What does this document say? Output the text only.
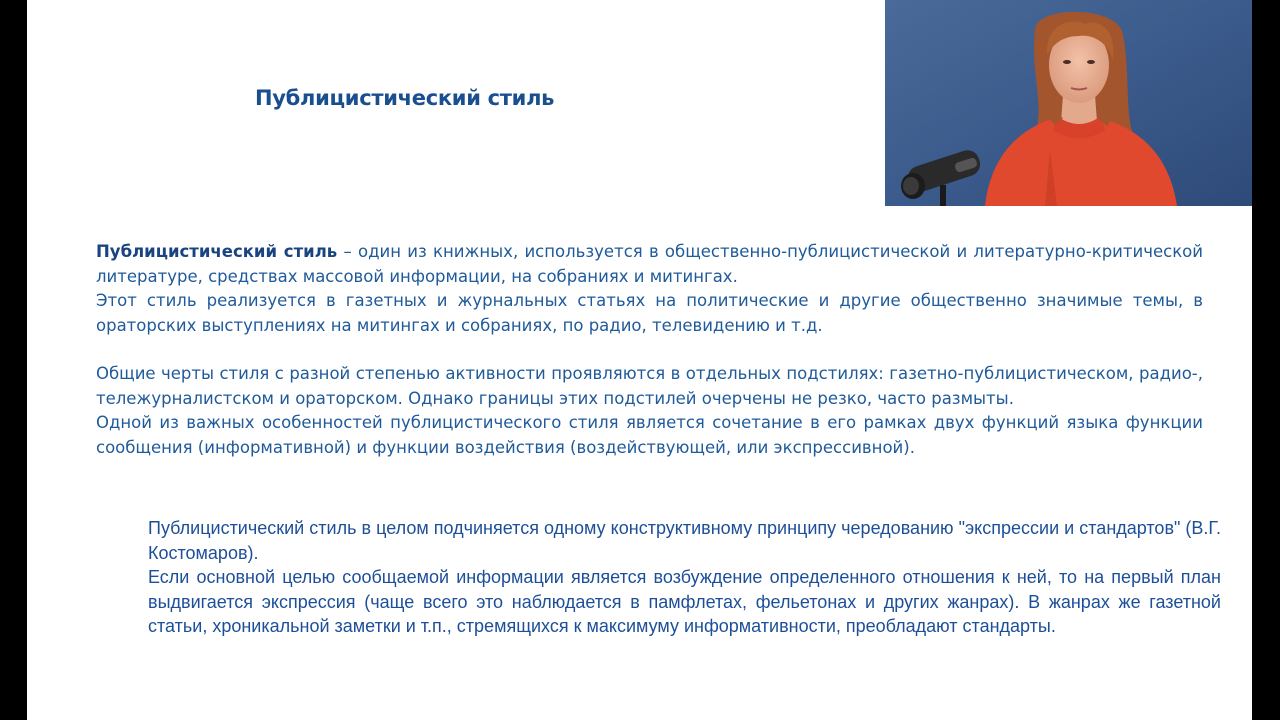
Публицистический стиль

Публицистический стиль – один из книжных, используется в общественно-публицистической и литературно-критической литературе, средствах массовой информации, на собраниях и митингах.

Этот стиль реализуется в газетных и журнальных статьях на политические и другие общественно значимые темы, в ораторских выступлениях на митингах и собраниях, по радио, телевидению и т.д.

Общие черты стиля с разной степенью активности проявляются в отдельных подстилях: газетно-публицистическом, радио-, тележурналистском и ораторском. Однако границы этих подстилей очерчены не резко, часто размыты.

Одной из важных особенностей публицистического стиля является сочетание в его рамках двух функций языка функции сообщения (информативной) и функции воздействия (воздействующей, или экспрессивной).

Публицистический стиль в целом подчиняется одному конструктивному принципу чередованию "экспрессии и стандартов" (В.Г. Костомаров).

Если основной целью сообщаемой информации является возбуждение определенного отношения к ней, то на первый план выдвигается экспрессия (чаще всего это наблюдается в памфлетах, фельетонах и других жанрах). В жанрах же газетной статьи, хроникальной заметки и т.п., стремящихся к максимуму информативности, преобладают стандарты.
